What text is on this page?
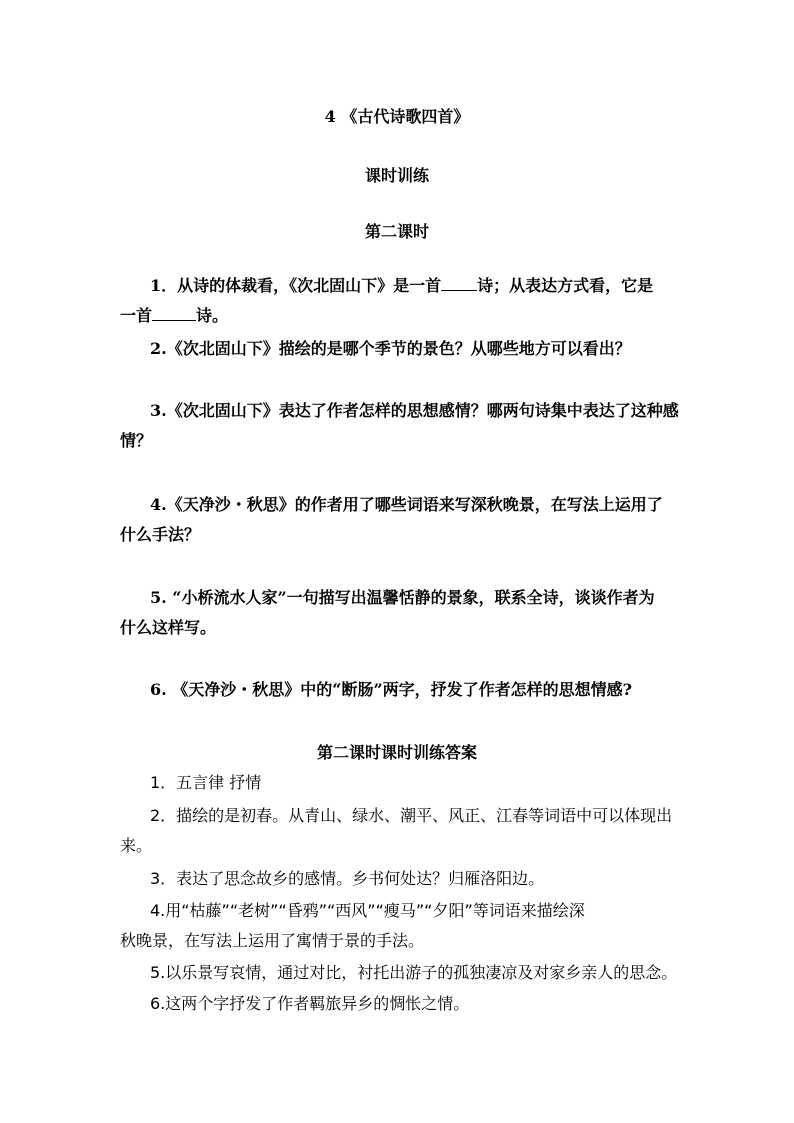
4 《古代诗歌四首》
课时训练
第二课时
1．从诗的体裁看，《次北固山下》是一首 诗；从表达方式看，它是
一首	诗。
2.《次北固山下》描绘的是哪个季节的景色？从哪些地方可以看出？
3.《次北固山下》表达了作者怎样的思想感情？哪两句诗集中表达了这种感
情？
4.《天净沙・秋思》的作者用了哪些词语来写深秋晚景，在写法上运用了
什么手法？
5. “小桥流水人家”一句描写出温馨恬静的景象，联系全诗，谈谈作者为
什么这样写。
6. 《天净沙・秋思》中的“断肠”两字，抒发了作者怎样的思想情感?
第二课时课时训练答案
1．五言律 抒情
2．描绘的是初春。从青山、绿水、潮平、风正、江春等词语中可以体现出
来。
3．表达了思念故乡的感情。乡书何处达？归雁洛阳边。
4.用“枯藤”“老树”“昏鸦”“西风”“瘦马”“夕阳”等词语来描绘深
秋晚景，在写法上运用了寓情于景的手法。
5.以乐景写哀情，通过对比，衬托出游子的孤独凄凉及对家乡亲人的思念。
6.这两个字抒发了作者羁旅异乡的惆怅之情。
